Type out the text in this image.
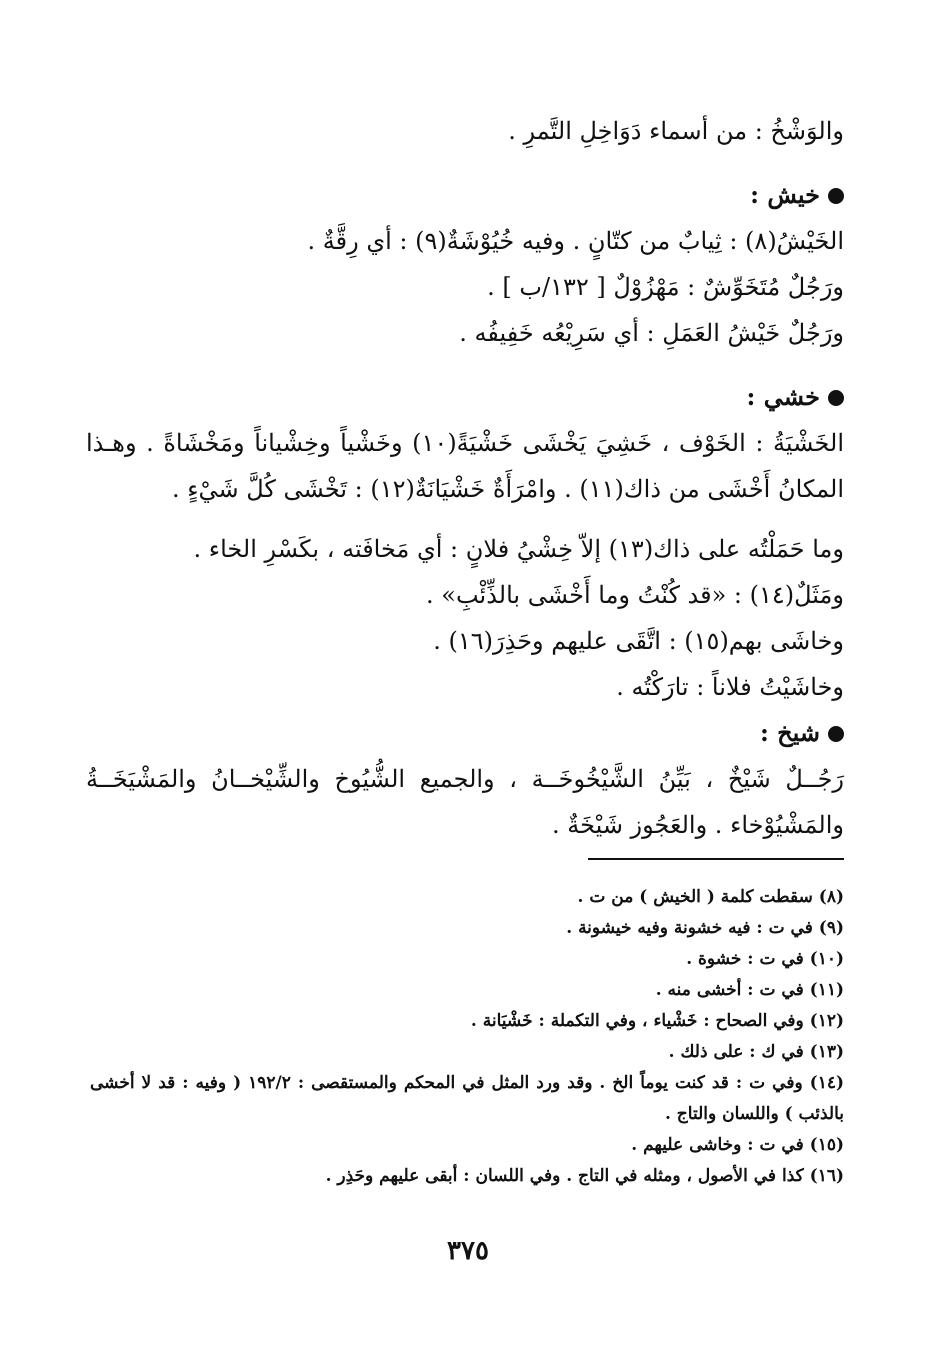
والوَشْخُ : من أسماء دَوَاخِلِ التَّمرِ .
خيش :
الخَيْشُ(٨) : ثِيابٌ من كتّانٍ . وفيه خُيُوْشَةٌ(٩) : أي رِقَّةٌ .
ورَجُلٌ مُتَخَوِّشٌ : مَهْزُوْلٌ [ ١٣٢/ب ] .
ورَجُلٌ خَيْشُ العَمَلِ : أي سَرِيْعُه خَفِيفُه .
خشي :
الخَشْيَةُ : الخَوْف ، خَشِيَ يَخْشَى خَشْيَةً(١٠) وخَشْياً وخِشْياناً ومَخْشَاةً . وهـذا المكانُ أَخْشَى من ذاك(١١) . وامْرَأَةٌ خَشْيَانَةٌ(١٢) : تَخْشَى كُلَّ شَيْءٍ .
وما حَمَلْتُه على ذاك(١٣) إلاّ خِشْيُ فلانٍ : أي مَخافَته ، بكَسْرِ الخاء .
ومَثَلٌ(١٤) : «قد كُنْتُ وما أَخْشَى بالذِّئْبِ» .
وخاشَى بهم(١٥) : اتَّقَى عليهم وحَذِرَ(١٦) .
وخاشَيْتُ فلاناً : تارَكْتُه .
شيخ :
رَجُــلٌ شَيْخٌ ، بَيِّنُ الشَّيْخُوخَــة ، والجميع الشُّيُوخ والشِّيْخــانُ والمَشْيَخَــةُ والمَشْيُوْخاء . والعَجُوز شَيْخَةٌ .
(٨) سقطت كلمة ( الخيش ) من ت .
(٩) في ت : فيه خشونة وفيه خيشونة .
(١٠) في ت : خشوة .
(١١) في ت : أخشى منه .
(١٢) وفي الصحاح : خَشْياء ، وفي التكملة : خَشْيَانة .
(١٣) في ك : على ذلك .
(١٤) وفي ت : قد كنت يوماً الخ . وقد ورد المثل في المحكم والمستقصى : ١٩٢/٢ ( وفيه : قد لا أخشى بالذئب ) واللسان والتاج .
(١٥) في ت : وخاشى عليهم .
(١٦) كذا في الأصول ، ومثله في التاج . وفي اللسان : أبقى عليهم وحَذِر .
٣٧٥
